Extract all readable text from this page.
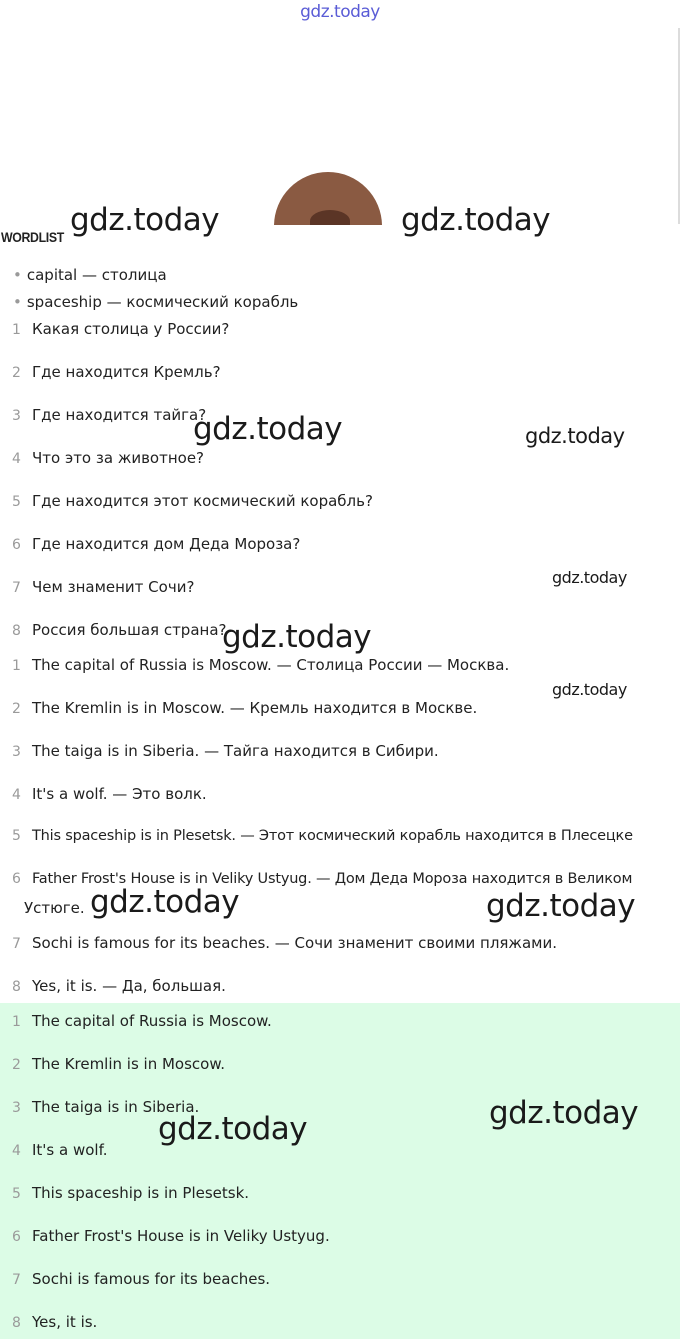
gdz.today
WORDLIST
• capital — столица
• spaceship — космический корабль
1 Какая столица у России?
2 Где находится Кремль?
3 Где находится тайга?
4 Что это за животное?
5 Где находится этот космический корабль?
6 Где находится дом Деда Мороза?
7 Чем знаменит Сочи?
8 Россия большая страна?
1 The capital of Russia is Moscow. — Столица России — Москва.
2 The Kremlin is in Moscow. — Кремль находится в Москве.
3 The taiga is in Siberia. — Тайга находится в Сибири.
4 It's a wolf. — Это волк.
5 This spaceship is in Plesetsk. — Этот космический корабль находится в Плесецке
6 Father Frost's House is in Veliky Ustyug. — Дом Деда Мороза находится в Великом
Устюге.
7 Sochi is famous for its beaches. — Сочи знаменит своими пляжами.
8 Yes, it is. — Да, большая.
1 The capital of Russia is Moscow.
2 The Kremlin is in Moscow.
3 The taiga is in Siberia.
4 It's a wolf.
5 This spaceship is in Plesetsk.
6 Father Frost's House is in Veliky Ustyug.
7 Sochi is famous for its beaches.
8 Yes, it is.
gdz.today	gdz.today
gdz.today	gdz.today
gdz.today
gdz.today
gdz.today
gdz.today	gdz.today
gdz.today
gdz.today
